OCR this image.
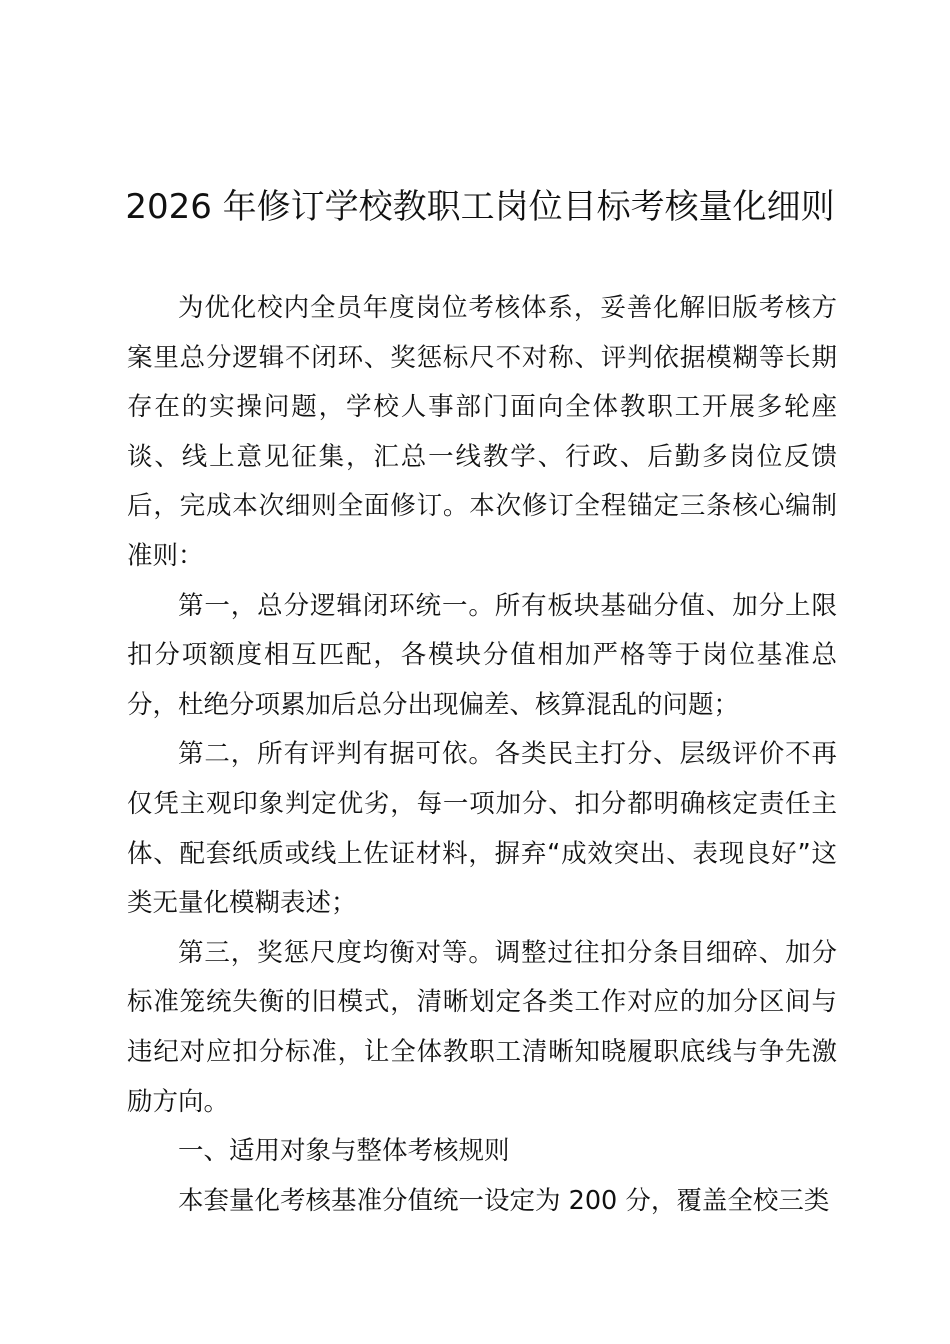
2026 年修订学校教职工岗位目标考核量化细则

为优化校内全员年度岗位考核体系，妥善化解旧版考核方案里总分逻辑不闭环、奖惩标尺不对称、评判依据模糊等长期存在的实操问题，学校人事部门面向全体教职工开展多轮座谈、线上意见征集，汇总一线教学、行政、后勤多岗位反馈后，完成本次细则全面修订。本次修订全程锚定三条核心编制准则：

第一，总分逻辑闭环统一。所有板块基础分值、加分上限扣分项额度相互匹配，各模块分值相加严格等于岗位基准总分，杜绝分项累加后总分出现偏差、核算混乱的问题；

第二，所有评判有据可依。各类民主打分、层级评价不再仅凭主观印象判定优劣，每一项加分、扣分都明确核定责任主体、配套纸质或线上佐证材料，摒弃“成效突出、表现良好”这类无量化模糊表述；

第三，奖惩尺度均衡对等。调整过往扣分条目细碎、加分标准笼统失衡的旧模式，清晰划定各类工作对应的加分区间与违纪对应扣分标准，让全体教职工清晰知晓履职底线与争先激励方向。

一、适用对象与整体考核规则

本套量化考核基准分值统一设定为 200 分，覆盖全校三类
